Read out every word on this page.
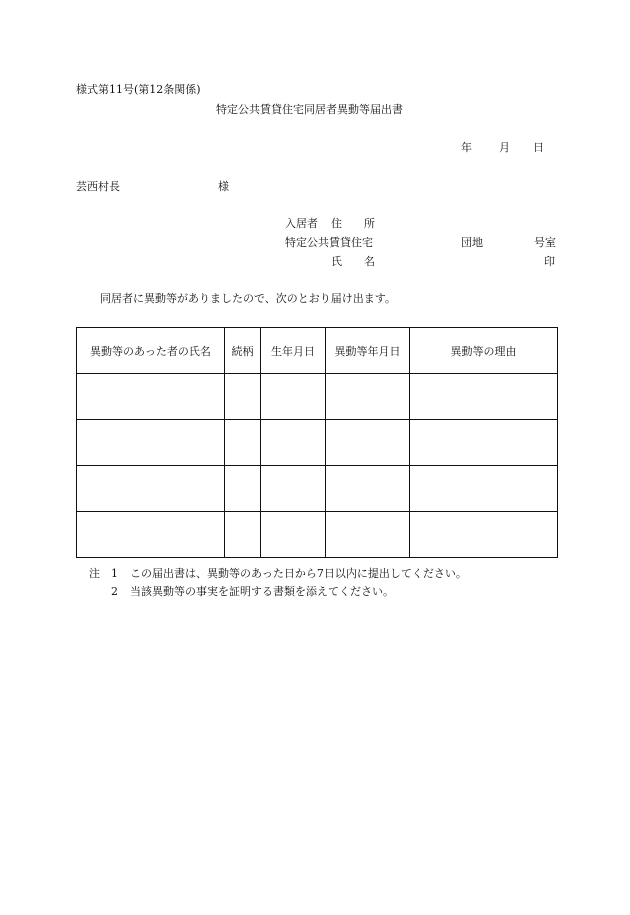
様式第11号(第12条関係)
特定公共賃貸住宅同居者異動等届出書
年 月 日
芸西村長	様
入居者 住　　所
特定公共賃貸住宅	団地	号室
氏　　名	印
同居者に異動等がありましたので、次のとおり届け出ます。
異動等のあった者の氏名	続柄	生年月日	異動等年月日	異動等の理由

注 1 この届出書は、異動等のあった日から7日以内に提出してください。
2 当該異動等の事実を証明する書類を添えてください。
